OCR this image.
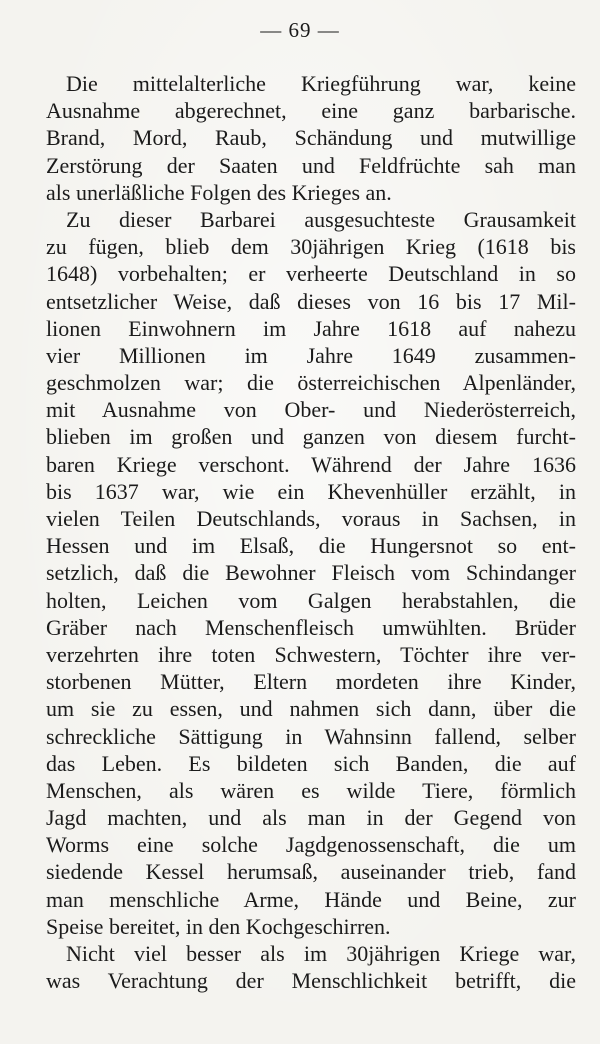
— 69 —
Die mittelalterliche Kriegführung war, keine
Ausnahme abgerechnet, eine ganz barbarische.
Brand, Mord, Raub, Schändung und mutwillige
Zerstörung der Saaten und Feldfrüchte sah man
als unerläßliche Folgen des Krieges an.
Zu dieser Barbarei ausgesuchteste Grausamkeit
zu fügen, blieb dem 30jährigen Krieg (1618 bis
1648) vorbehalten; er verheerte Deutschland in so
entsetzlicher Weise, daß dieses von 16 bis 17 Mil-
lionen Einwohnern im Jahre 1618 auf nahezu
vier Millionen im Jahre 1649 zusammen-
geschmolzen war; die österreichischen Alpenländer,
mit Ausnahme von Ober- und Niederösterreich,
blieben im großen und ganzen von diesem furcht-
baren Kriege verschont. Während der Jahre 1636
bis 1637 war, wie ein Khevenhüller erzählt, in
vielen Teilen Deutschlands, voraus in Sachsen, in
Hessen und im Elsaß, die Hungersnot so ent-
setzlich, daß die Bewohner Fleisch vom Schindanger
holten, Leichen vom Galgen herabstahlen, die
Gräber nach Menschenfleisch umwühlten. Brüder
verzehrten ihre toten Schwestern, Töchter ihre ver-
storbenen Mütter, Eltern mordeten ihre Kinder,
um sie zu essen, und nahmen sich dann, über die
schreckliche Sättigung in Wahnsinn fallend, selber
das Leben. Es bildeten sich Banden, die auf
Menschen, als wären es wilde Tiere, förmlich
Jagd machten, und als man in der Gegend von
Worms eine solche Jagdgenossenschaft, die um
siedende Kessel herumsaß, auseinander trieb, fand
man menschliche Arme, Hände und Beine, zur
Speise bereitet, in den Kochgeschirren.
Nicht viel besser als im 30jährigen Kriege war,
was Verachtung der Menschlichkeit betrifft, die
